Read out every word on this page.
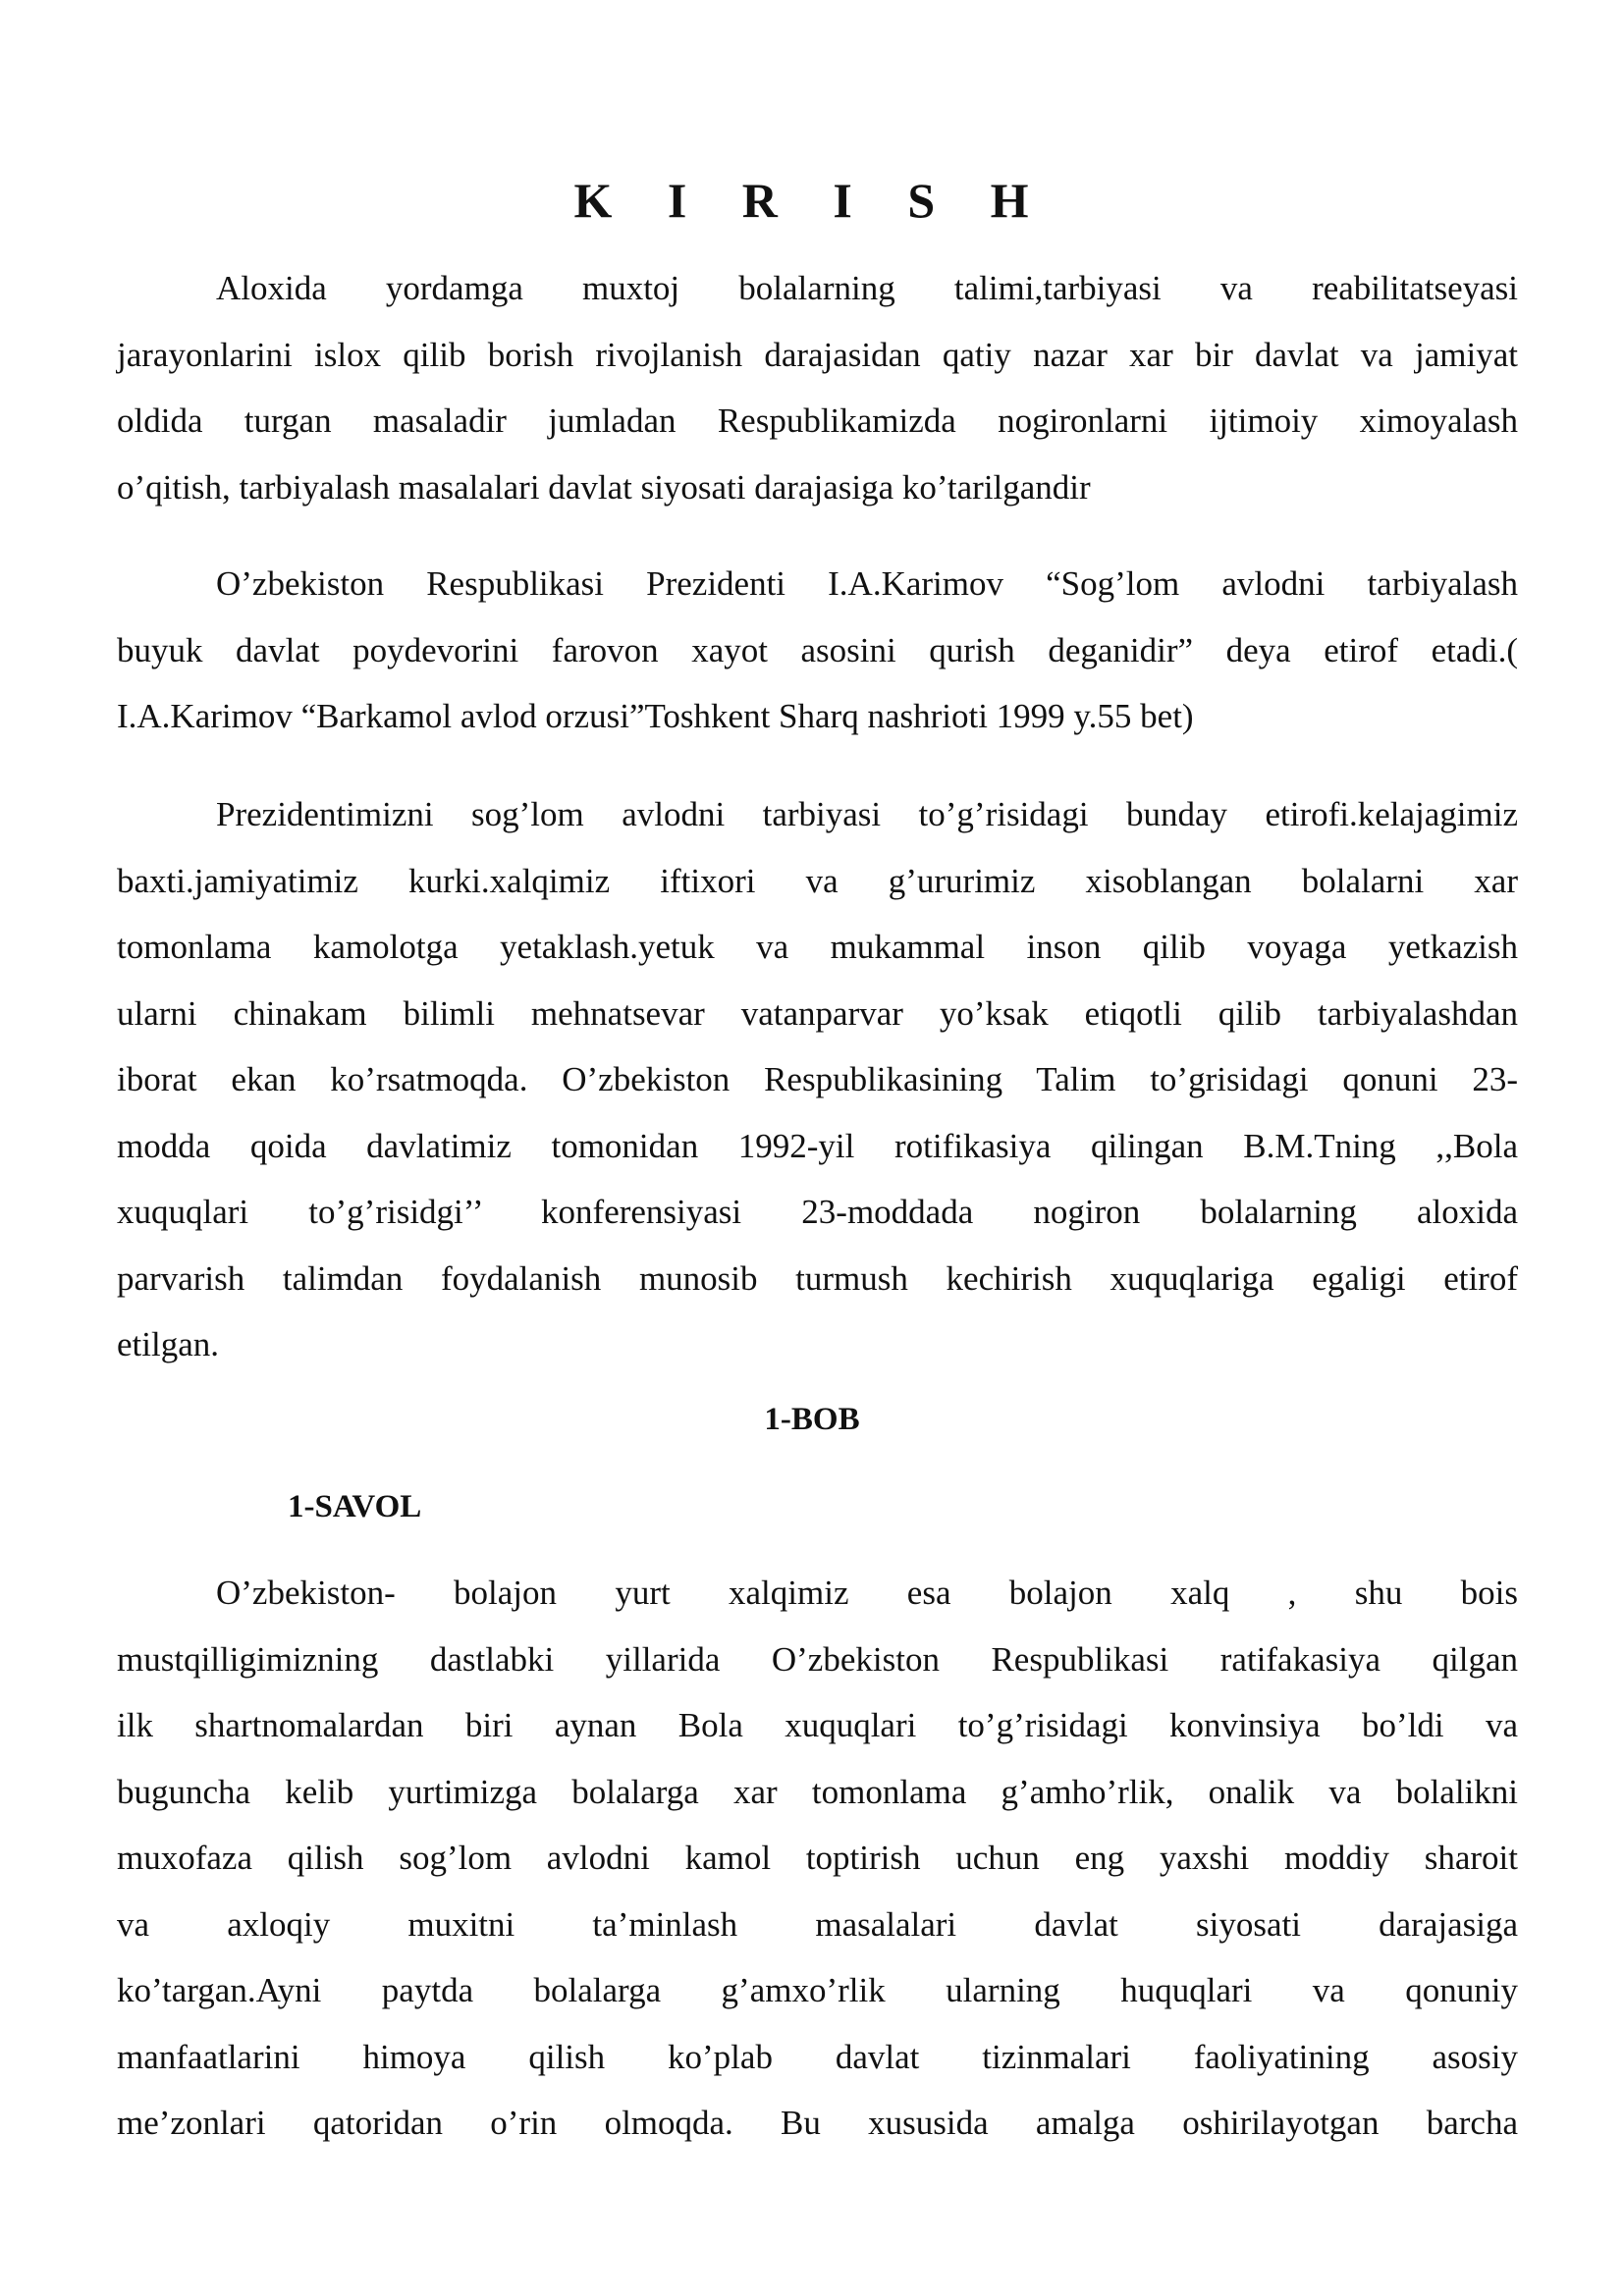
K I R I S H
Aloxida yordamga muxtoj bolalarning talimi,tarbiyasi va reabilitatseyasi
jarayonlarini islox qilib borish rivojlanish darajasidan qatiy nazar xar bir davlat va jamiyat
oldida turgan masaladir jumladan Respublikamizda nogironlarni ijtimoiy ximoyalash
o’qitish, tarbiyalash masalalari davlat siyosati darajasiga ko’tarilgandir
O’zbekiston Respublikasi Prezidenti I.A.Karimov “Sog’lom avlodni tarbiyalash
buyuk davlat poydevorini farovon xayot asosini qurish deganidir” deya etirof etadi.(
I.A.Karimov “Barkamol avlod orzusi”Toshkent Sharq nashrioti 1999 y.55 bet)
Prezidentimizni sog’lom avlodni tarbiyasi to’g’risidagi bunday etirofi.kelajagimiz
baxti.jamiyatimiz kurki.xalqimiz iftixori va g’ururimiz xisoblangan bolalarni xar
tomonlama kamolotga yetaklash.yetuk va mukammal inson qilib voyaga yetkazish
ularni chinakam bilimli mehnatsevar vatanparvar yo’ksak etiqotli qilib tarbiyalashdan
iborat ekan ko’rsatmoqda. O’zbekiston Respublikasining Talim to’grisidagi qonuni 23-
modda qoida davlatimiz tomonidan 1992-yil rotifikasiya qilingan B.M.Tning ,,Bola
xuquqlari to’g’risidgi’’ konferensiyasi 23-moddada nogiron bolalarning aloxida
parvarish talimdan foydalanish munosib turmush kechirish xuquqlariga egaligi etirof
etilgan.
1-BOB
1-SAVOL
O’zbekiston- bolajon yurt xalqimiz esa bolajon xalq , shu bois
mustqilligimizning dastlabki yillarida O’zbekiston Respublikasi ratifakasiya qilgan
ilk shartnomalardan biri aynan Bola xuquqlari to’g’risidagi konvinsiya bo’ldi va
buguncha kelib yurtimizga bolalarga xar tomonlama g’amho’rlik, onalik va bolalikni
muxofaza qilish sog’lom avlodni kamol toptirish uchun eng yaxshi moddiy sharoit
va axloqiy muxitni ta’minlash masalalari davlat siyosati darajasiga
ko’targan.Ayni paytda bolalarga g’amxo’rlik ularning huquqlari va qonuniy
manfaatlarini himoya qilish ko’plab davlat tizinmalari faoliyatining asosiy
me’zonlari qatoridan o’rin olmoqda. Bu xususida amalga oshirilayotgan barcha
